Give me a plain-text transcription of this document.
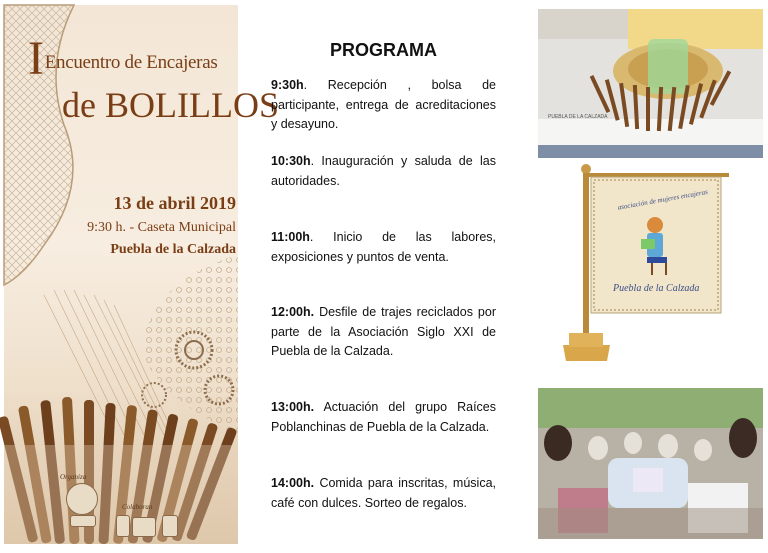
IEncuentro de Encajeras
de BOLILLOS
13 de abril 2019
9:30 h. - Caseta Municipal
Puebla de la Calzada
Organiza
Colaboran
PROGRAMA
9:30h. Recepción , bolsa de participante, entrega de acreditaciones y desayuno.
10:30h. Inauguración y saluda de las autoridades.
11:00h. Inicio de las labores, exposiciones y puntos de venta.
12:00h. Desfile de trajes reciclados por parte de la Asociación Siglo XXI de Puebla de la Calzada.
13:00h. Actuación del grupo Raíces Poblanchinas de Puebla de la Calzada.
14:00h. Comida para inscritas, música, café con dulces. Sorteo de regalos.
PUEBLA DE LA CALZADA
asociación de mujeres encajeras
Puebla de la Calzada
